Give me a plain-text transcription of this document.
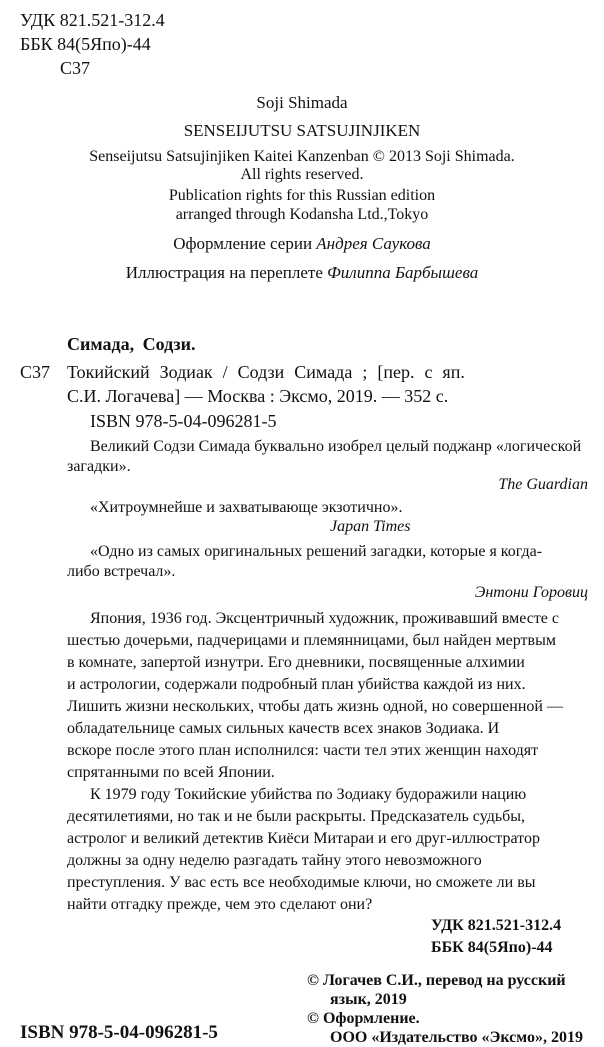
УДК 821.521-312.4
ББК 84(5Япо)-44
С37
Soji Shimada
SENSEIJUTSU SATSUJINJIKEN
Senseijutsu Satsujinjiken Kaitei Kanzenban © 2013 Soji Shimada.
All rights reserved.
Publication rights for this Russian edition
arranged through Kodansha Ltd.,Tokyo
Оформление серии Андрея Саукова
Иллюстрация на переплете Филиппа Барбышева
Симада, Содзи.
С37 Токийский Зодиак / Содзи Симада ; [пер. с яп.
С.И. Логачева] — Москва : Эксмо, 2019. — 352 с.
ISBN 978-5-04-096281-5
Великий Содзи Симада буквально изобрел целый поджанр «логической
загадки».
The Guardian
«Хитроумнейше и захватывающе экзотично».
Japan Times
«Одно из самых оригинальных решений загадки, которые я когда-
либо встречал».
Энтони Горовиц
Япония, 1936 год. Эксцентричный художник, проживавший вместе с
шестью дочерьми, падчерицами и племянницами, был найден мертвым
в комнате, запертой изнутри. Его дневники, посвященные алхимии
и астрологии, содержали подробный план убийства каждой из них.
Лишить жизни нескольких, чтобы дать жизнь одной, но совершенной —
обладательнице самых сильных качеств всех знаков Зодиака. И
вскоре после этого план исполнился: части тел этих женщин находят
спрятанными по всей Японии.
К 1979 году Токийские убийства по Зодиаку будоражили нацию
десятилетиями, но так и не были раскрыты. Предсказатель судьбы,
астролог и великий детектив Киёси Митараи и его друг-иллюстратор
должны за одну неделю разгадать тайну этого невозможного
преступления. У вас есть все необходимые ключи, но сможете ли вы
найти отгадку прежде, чем это сделают они?
УДК 821.521-312.4
ББК 84(5Япо)-44
© Логачев С.И., перевод на русский
язык, 2019
© Оформление.
ООО «Издательство «Эксмо», 2019
ISBN 978-5-04-096281-5
